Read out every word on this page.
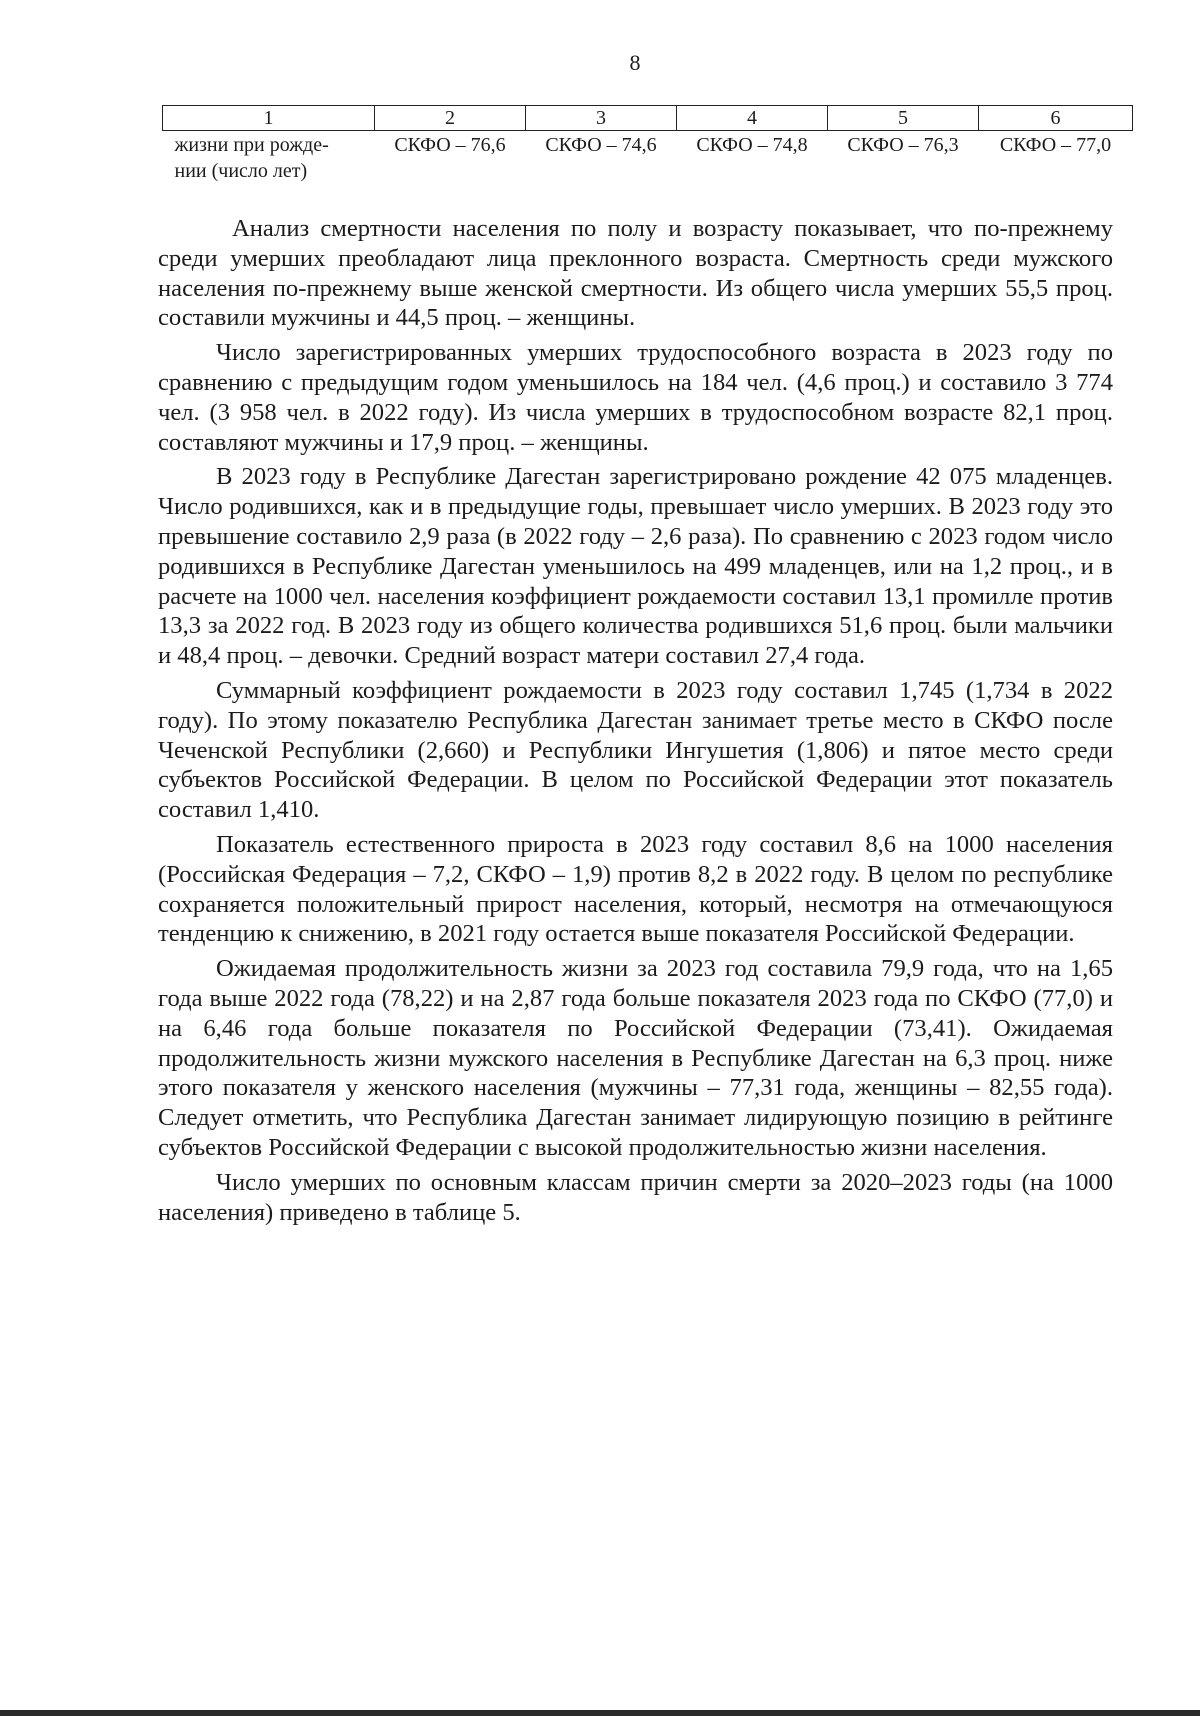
8
1	2	3	4	5	6
жизни при рожде-
нии (число лет)	СКФО – 76,6	СКФО – 74,6	СКФО – 74,8	СКФО – 76,3	СКФО – 77,0

Анализ смертности населения по полу и возрасту показывает, что по-прежнему среди умерших преобладают лица преклонного возраста. Смертность среди мужского населения по-прежнему выше женской смертности. Из общего числа умерших 55,5 проц. составили мужчины и 44,5 проц. – женщины.

Число зарегистрированных умерших трудоспособного возраста в 2023 году по сравнению с предыдущим годом уменьшилось на 184 чел. (4,6 проц.) и составило 3 774 чел. (3 958 чел. в 2022 году). Из числа умерших в трудоспособном возрасте 82,1 проц. составляют мужчины и 17,9 проц. – женщины.

В 2023 году в Республике Дагестан зарегистрировано рождение 42 075 младенцев. Число родившихся, как и в предыдущие годы, превышает число умерших. В 2023 году это превышение составило 2,9 раза (в 2022 году – 2,6 раза). По сравнению с 2023 годом число родившихся в Республике Дагестан уменьшилось на 499 младенцев, или на 1,2 проц., и в расчете на 1000 чел. населения коэффициент рождаемости составил 13,1 промилле против 13,3 за 2022 год. В 2023 году из общего количества родившихся 51,6 проц. были мальчики и 48,4 проц. – девочки. Средний возраст матери составил 27,4 года.

Суммарный коэффициент рождаемости в 2023 году составил 1,745 (1,734 в 2022 году). По этому показателю Республика Дагестан занимает третье место в СКФО после Чеченской Республики (2,660) и Республики Ингушетия (1,806) и пятое место среди субъектов Российской Федерации. В целом по Российской Федерации этот показатель составил 1,410.

Показатель естественного прироста в 2023 году составил 8,6 на 1000 населения (Российская Федерация – 7,2, СКФО – 1,9) против 8,2 в 2022 году. В целом по республике сохраняется положительный прирост населения, который, несмотря на отмечающуюся тенденцию к снижению, в 2021 году остается выше показателя Российской Федерации.

Ожидаемая продолжительность жизни за 2023 год составила 79,9 года, что на 1,65 года выше 2022 года (78,22) и на 2,87 года больше показателя 2023 года по СКФО (77,0) и на 6,46 года больше показателя по Российской Федерации (73,41). Ожидаемая продолжительность жизни мужского населения в Республике Дагестан на 6,3 проц. ниже этого показателя у женского населения (мужчины – 77,31 года, женщины – 82,55 года). Следует отметить, что Республика Дагестан занимает лидирующую позицию в рейтинге субъектов Российской Федерации с высокой продолжительностью жизни населения.

Число умерших по основным классам причин смерти за 2020–2023 годы (на 1000 населения) приведено в таблице 5.
